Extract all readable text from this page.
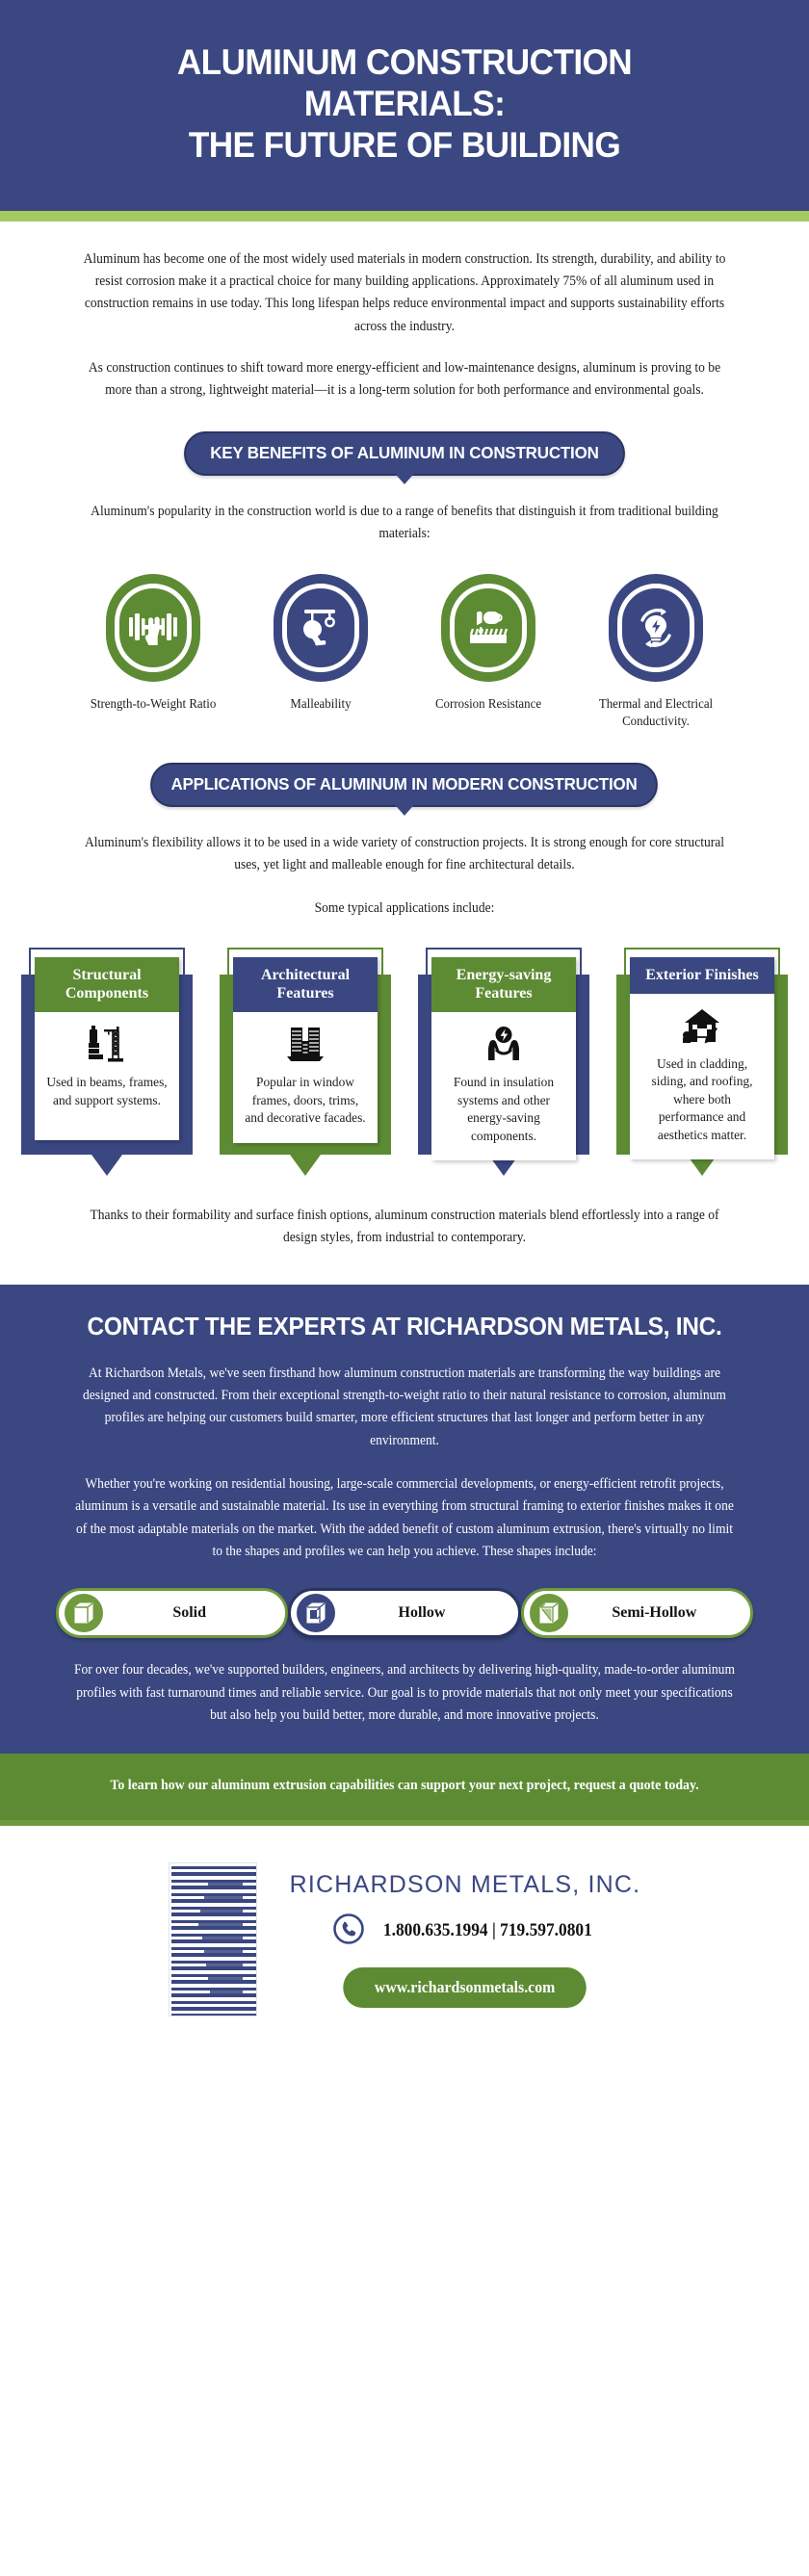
ALUMINUM CONSTRUCTION
MATERIALS:
THE FUTURE OF BUILDING

Aluminum has become one of the most widely used materials in modern construction. Its strength, durability, and ability to resist corrosion make it a practical choice for many building applications. Approximately 75% of all aluminum used in construction remains in use today. This long lifespan helps reduce environmental impact and supports sustainability efforts across the industry.

As construction continues to shift toward more energy-efficient and low-maintenance designs, aluminum is proving to be more than a strong, lightweight material—it is a long-term solution for both performance and environmental goals.

KEY BENEFITS OF ALUMINUM IN CONSTRUCTION

Aluminum's popularity in the construction world is due to a range of benefits that distinguish it from traditional building materials:

Strength-to-Weight Ratio	Malleability	Corrosion Resistance	Thermal and Electrical Conductivity.
APPLICATIONS OF ALUMINUM IN MODERN CONSTRUCTION

Aluminum's flexibility allows it to be used in a wide variety of construction projects. It is strong enough for core structural uses, yet light and malleable enough for fine architectural details.

Some typical applications include:

Structural Components
Used in beams, frames, and support systems.
Architectural Features
Popular in window frames, doors, trims, and decorative facades.
Energy-saving Features
Found in insulation systems and other energy-saving components.
Exterior Finishes
Used in cladding, siding, and roofing, where both performance and aesthetics matter.

Thanks to their formability and surface finish options, aluminum construction materials blend effortlessly into a range of design styles, from industrial to contemporary.

CONTACT THE EXPERTS AT RICHARDSON METALS, INC.

At Richardson Metals, we've seen firsthand how aluminum construction materials are transforming the way buildings are designed and constructed. From their exceptional strength-to-weight ratio to their natural resistance to corrosion, aluminum profiles are helping our customers build smarter, more efficient structures that last longer and perform better in any environment.

Whether you're working on residential housing, large-scale commercial developments, or energy-efficient retrofit projects, aluminum is a versatile and sustainable material. Its use in everything from structural framing to exterior finishes makes it one of the most adaptable materials on the market. With the added benefit of custom aluminum extrusion, there's virtually no limit to the shapes and profiles we can help you achieve. These shapes include:

Solid	Hollow	Semi-Hollow

For over four decades, we've supported builders, engineers, and architects by delivering high-quality, made-to-order aluminum profiles with fast turnaround times and reliable service. Our goal is to provide materials that not only meet your specifications but also help you build better, more durable, and more innovative projects.

To learn how our aluminum extrusion capabilities can support your next project, request a quote today.
RICHARDSON METALS, INC.
1.800.635.1994 | 719.597.0801
www.richardsonmetals.com
